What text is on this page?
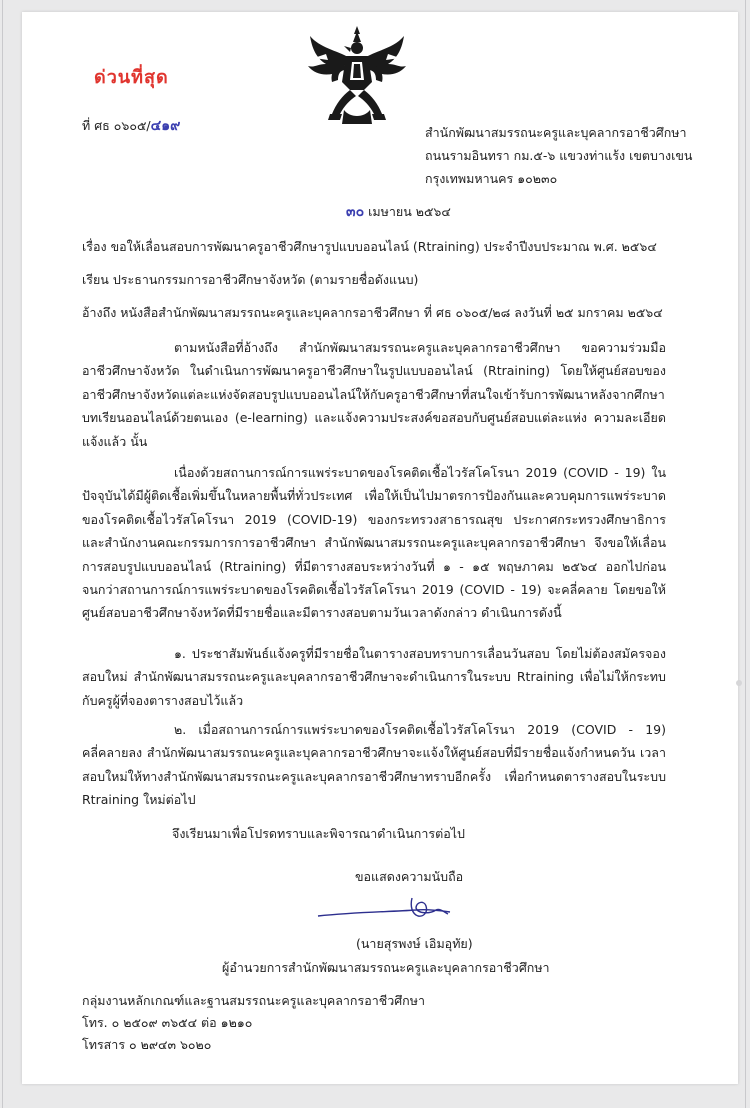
ด่วนที่สุด
ที่ ศธ ๐๖๐๕/๔๑๙	สำนักพัฒนาสมรรถนะครูและบุคลากรอาชีวศึกษา
ถนนรามอินทรา กม.๕-๖ แขวงท่าแร้ง เขตบางเขน
กรุงเทพมหานคร ๑๐๒๓๐
๓๐ เมษายน ๒๕๖๔
เรื่อง ขอให้เลื่อนสอบการพัฒนาครูอาชีวศึกษารูปแบบออนไลน์ (Rtraining) ประจำปีงบประมาณ พ.ศ. ๒๕๖๔
เรียน ประธานกรรมการอาชีวศึกษาจังหวัด (ตามรายชื่อดังแนบ)
อ้างถึง หนังสือสำนักพัฒนาสมรรถนะครูและบุคลากรอาชีวศึกษา ที่ ศธ ๐๖๐๕/๒๘ ลงวันที่ ๒๕ มกราคม ๒๕๖๔
ตามหนังสือที่อ้างถึง สำนักพัฒนาสมรรถนะครูและบุคลากรอาชีวศึกษา ขอความร่วมมืออาชีวศึกษาจังหวัด ในดำเนินการพัฒนาครูอาชีวศึกษาในรูปแบบออนไลน์ (Rtraining) โดยให้ศูนย์สอบของอาชีวศึกษาจังหวัดแต่ละแห่งจัดสอบรูปแบบออนไลน์ให้กับครูอาชีวศึกษาที่สนใจเข้ารับการพัฒนาหลังจากศึกษาบทเรียนออนไลน์ด้วยตนเอง (e-learning) และแจ้งความประสงค์ขอสอบกับศูนย์สอบแต่ละแห่ง ความละเอียดแจ้งแล้ว นั้น
เนื่องด้วยสถานการณ์การแพร่ระบาดของโรคติดเชื้อไวรัสโคโรนา 2019 (COVID - 19) ในปัจจุบันได้มีผู้ติดเชื้อเพิ่มขึ้นในหลายพื้นที่ทั่วประเทศ เพื่อให้เป็นไปมาตรการป้องกันและควบคุมการแพร่ระบาดของโรคติดเชื้อไวรัสโคโรนา 2019 (COVID-19) ของกระทรวงสาธารณสุข ประกาศกระทรวงศึกษาธิการ และสำนักงานคณะกรรมการการอาชีวศึกษา สำนักพัฒนาสมรรถนะครูและบุคลากรอาชีวศึกษา จึงขอให้เลื่อนการสอบรูปแบบออนไลน์ (Rtraining) ที่มีตารางสอบระหว่างวันที่ ๑ - ๑๕ พฤษภาคม ๒๕๖๔ ออกไปก่อนจนกว่าสถานการณ์การแพร่ระบาดของโรคติดเชื้อไวรัสโคโรนา 2019 (COVID - 19) จะคลี่คลาย โดยขอให้ศูนย์สอบอาชีวศึกษาจังหวัดที่มีรายชื่อและมีตารางสอบตามวันเวลาดังกล่าว ดำเนินการดังนี้
๑. ประชาสัมพันธ์แจ้งครูที่มีรายชื่อในตารางสอบทราบการเลื่อนวันสอบ โดยไม่ต้องสมัครจองสอบใหม่ สำนักพัฒนาสมรรถนะครูและบุคลากรอาชีวศึกษาจะดำเนินการในระบบ Rtraining เพื่อไม่ให้กระทบกับครูผู้ที่จองตารางสอบไว้แล้ว
๒. เมื่อสถานการณ์การแพร่ระบาดของโรคติดเชื้อไวรัสโคโรนา 2019 (COVID - 19) คลี่คลายลง สำนักพัฒนาสมรรถนะครูและบุคลากรอาชีวศึกษาจะแจ้งให้ศูนย์สอบที่มีรายชื่อแจ้งกำหนดวัน เวลา สอบใหม่ให้ทางสำนักพัฒนาสมรรถนะครูและบุคลากรอาชีวศึกษาทราบอีกครั้ง เพื่อกำหนดตารางสอบในระบบ Rtraining ใหม่ต่อไป
จึงเรียนมาเพื่อโปรดทราบและพิจารณาดำเนินการต่อไป
ขอแสดงความนับถือ
(นายสุรพงษ์ เอิมอุทัย)
ผู้อำนวยการสำนักพัฒนาสมรรถนะครูและบุคลากรอาชีวศึกษา
กลุ่มงานหลักเกณฑ์และฐานสมรรถนะครูและบุคลากรอาชีวศึกษา
โทร. ๐ ๒๕๐๙ ๓๖๕๔ ต่อ ๑๒๑๐
โทรสาร ๐ ๒๙๔๓ ๖๐๒๐
